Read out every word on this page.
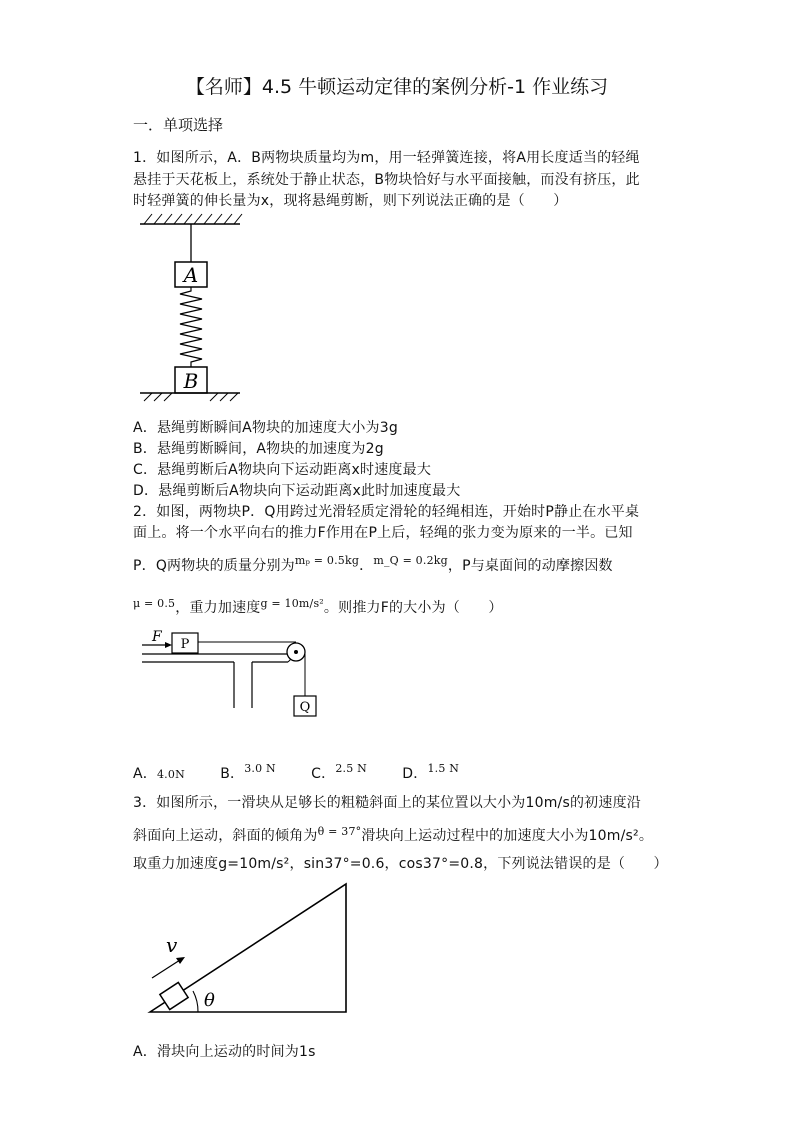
【名师】4.5 牛顿运动定律的案例分析-1 作业练习
一．单项选择
1．如图所示，A．B两物块质量均为m，用一轻弹簧连接，将A用长度适当的轻绳
悬挂于天花板上，系统处于静止状态，B物块恰好与水平面接触，而没有挤压，此
时轻弹簧的伸长量为x，现将悬绳剪断，则下列说法正确的是（　　）
A
B
A．悬绳剪断瞬间A物块的加速度大小为3g
B．悬绳剪断瞬间，A物块的加速度为2g
C．悬绳剪断后A物块向下运动距离x时速度最大
D．悬绳剪断后A物块向下运动距离x此时加速度最大
2．如图，两物块P．Q用跨过光滑轻质定滑轮的轻绳相连，开始时P静止在水平桌
面上。将一个水平向右的推力F作用在P上后，轻绳的张力变为原来的一半。已知
P．Q两物块的质量分别为$^{m_p = 0.5kg}$．$^{m\_Q = 0.2kg}$，P与桌面间的动摩擦因数
$^{\mu = 0.5}$，重力加速度$^{g = 10m/s^2}$。则推力F的大小为（　　）
F P
Q
A．4.0N	B．$^{3.0 N}$	C．$^{2.5 N}$	D．$^{1.5 N}$
3．如图所示，一滑块从足够长的粗糙斜面上的某位置以大小为10m/s的初速度沿
斜面向上运动，斜面的倾角为$^{\theta = 37^\circ}$滑块向上运动过程中的加速度大小为10m/s²。
取重力加速度g=10m/s²，sin37°=0.6，cos37°=0.8，下列说法错误的是（　　）
v
θ
A．滑块向上运动的时间为1s
